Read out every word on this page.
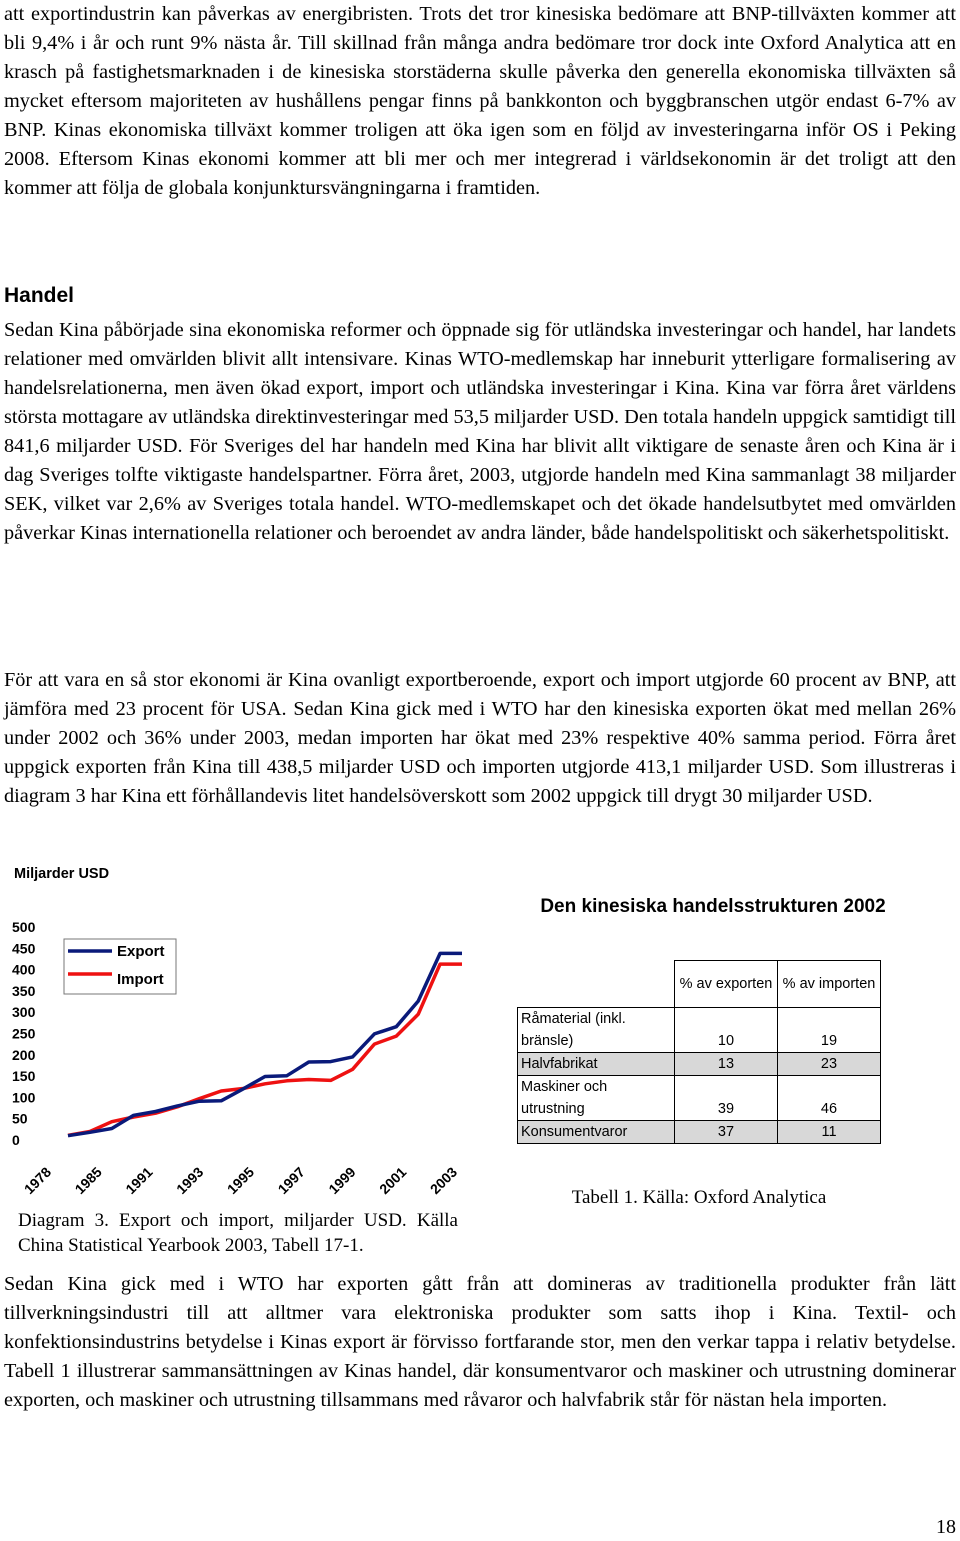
att exportindustrin kan påverkas av energibristen. Trots det tror kinesiska bedömare att BNP-tillväxten kommer att bli 9,4% i år och runt 9% nästa år. Till skillnad från många andra bedömare tror dock inte Oxford Analytica att en krasch på fastighetsmarknaden i de kinesiska storstäderna skulle påverka den generella ekonomiska tillväxten så mycket eftersom majoriteten av hushållens pengar finns på bankkonton och byggbranschen utgör endast 6-7% av BNP. Kinas ekonomiska tillväxt kommer troligen att öka igen som en följd av investeringarna inför OS i Peking 2008. Eftersom Kinas ekonomi kommer att bli mer och mer integrerad i världsekonomin är det troligt att den kommer att följa de globala konjunktursvängningarna i framtiden.
Handel
Sedan Kina påbörjade sina ekonomiska reformer och öppnade sig för utländska investeringar och handel, har landets relationer med omvärlden blivit allt intensivare. Kinas WTO-medlemskap har inneburit ytterligare formalisering av handelsrelationerna, men även ökad export, import och utländska investeringar i Kina. Kina var förra året världens största mottagare av utländska direktinvesteringar med 53,5 miljarder USD. Den totala handeln uppgick samtidigt till 841,6 miljarder USD. För Sveriges del har handeln med Kina har blivit allt viktigare de senaste åren och Kina är i dag Sveriges tolfte viktigaste handelspartner. Förra året, 2003, utgjorde handeln med Kina sammanlagt 38 miljarder SEK, vilket var 2,6% av Sveriges totala handel. WTO-medlemskapet och det ökade handelsutbytet med omvärlden påverkar Kinas internationella relationer och beroendet av andra länder, både handelspolitiskt och säkerhetspolitiskt.
För att vara en så stor ekonomi är Kina ovanligt exportberoende, export och import utgjorde 60 procent av BNP, att jämföra med 23 procent för USA. Sedan Kina gick med i WTO har den kinesiska exporten ökat med mellan 26% under 2002 och 36% under 2003, medan importen har ökat med 23% respektive 40% samma period. Förra året uppgick exporten från Kina till 438,5 miljarder USD och importen utgjorde 413,1 miljarder USD. Som illustreras i diagram 3 har Kina ett förhållandevis litet handelsöverskott som 2002 uppgick till drygt 30 miljarder USD.
Miljarder USD
500
450
400
350
300
250
200
150
100
50
0
1978 1985 1991 1993 1995 1997 1999 2001 2003
Export
Import
Diagram 3. Export och import, miljarder USD. Källa China Statistical Yearbook 2003, Tabell 17-1.
Den kinesiska handelsstrukturen 2002
	% av exporten	% av importen
Råmaterial (inkl. bränsle)	10	19
Halvfabrikat	13	23
Maskiner och utrustning	39	46
Konsumentvaror	37	11
Tabell 1. Källa: Oxford Analytica
Sedan Kina gick med i WTO har exporten gått från att domineras av traditionella produkter från lätt tillverkningsindustri till att alltmer vara elektroniska produkter som satts ihop i Kina. Textil- och konfektionsindustrins betydelse i Kinas export är förvisso fortfarande stor, men den verkar tappa i relativ betydelse. Tabell 1 illustrerar sammansättningen av Kinas handel, där konsumentvaror och maskiner och utrustning dominerar exporten, och maskiner och utrustning tillsammans med råvaror och halvfabrik står för nästan hela importen.
18
